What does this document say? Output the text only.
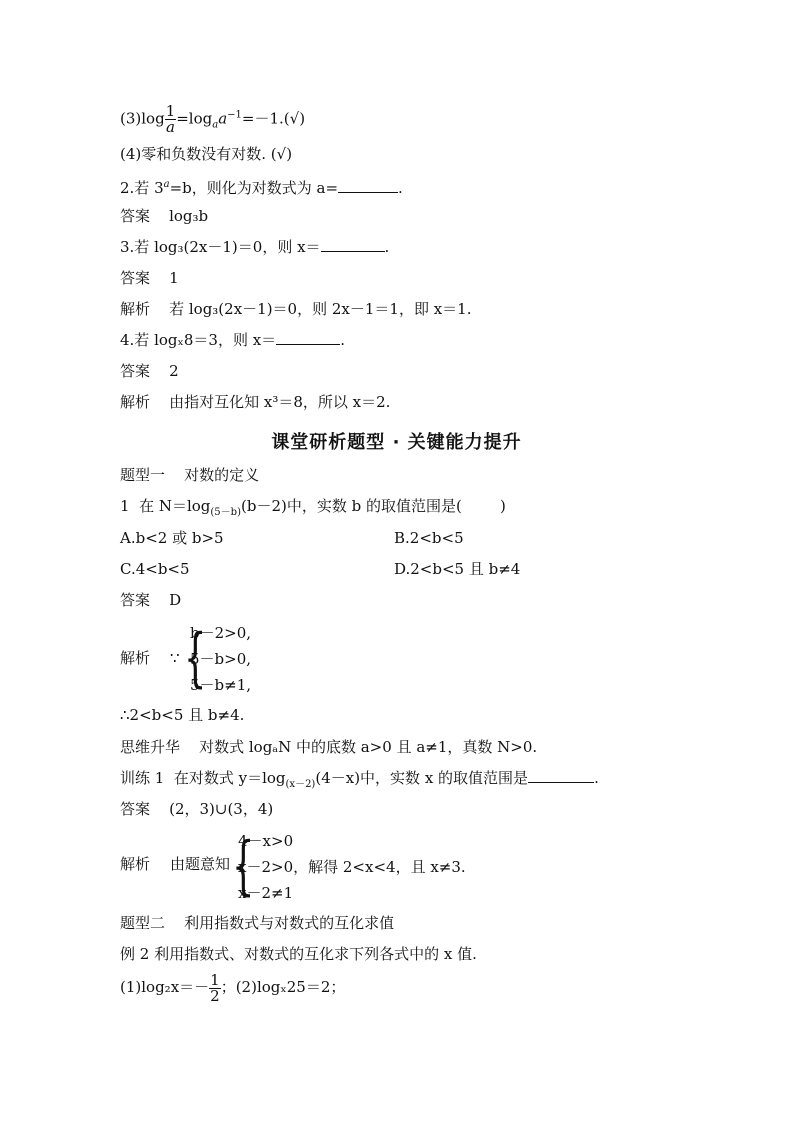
$(3)\log \frac{1}{a} =\log_aa^{-1}=-1.(√)$
(4)零和负数没有对数. (√)
2.若 $3^a=b$，则化为对数式为 a=	.
答案 log₃b
3.若 log₃(2x－1)＝0，则 x＝	.
答案 1
解析 若 log₃(2x－1)＝0，则 2x－1＝1，即 x＝1.
4.若 logₓ8＝3，则 x＝	.
答案 2
解析 由指对互化知 x³＝8，所以 x＝2.
课堂研析题型 · 关键能力提升
题型一 对数的定义
1  在 $N=\log_{(5-b)}(b-2)$中，实数 b 的取值范围是(        )
A.b<2 或 b>5	B.2<b<5
C.4<b<5	D.2<b<5 且 b≠4
答案 D
解析 ∵ {
b－2>0,
5－b>0,
5－b≠1,
∴2<b<5 且 b≠4.
思维升华 对数式 logₐN 中的底数 a>0 且 a≠1，真数 N>0.
训练 1  在对数式 $y=\log_{(x-2)}(4-x)$中，实数 x 的取值范围是	.
答案 (2，3)∪(3，4)
解析 由题意知 {
4－x>0
x－2>0，解得 2<x<4，且 x≠3.
x－2≠1
题型二 利用指数式与对数式的互化求值
例 2 利用指数式、对数式的互化求下列各式中的 x 值.
$(1)\log_2x=- \frac{1}{2}$ ；(2)logₓ25＝2；
